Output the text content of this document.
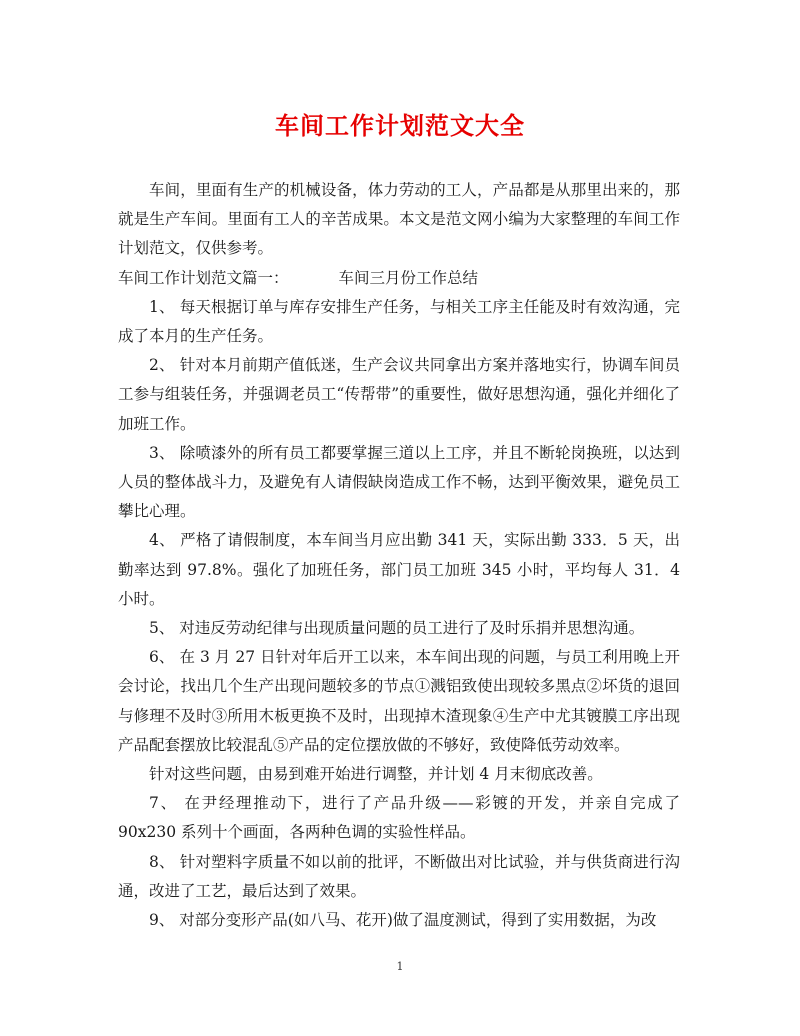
车间工作计划范文大全

车间，里面有生产的机械设备，体力劳动的工人，产品都是从那里出来的，那就是生产车间。里面有工人的辛苦成果。本文是范文网小编为大家整理的车间工作计划范文，仅供参考。

车间工作计划范文篇一：	车间三月份工作总结

1、 每天根据订单与库存安排生产任务，与相关工序主任能及时有效沟通，完成了本月的生产任务。

2、 针对本月前期产值低迷，生产会议共同拿出方案并落地实行，协调车间员工参与组装任务，并强调老员工“传帮带”的重要性，做好思想沟通，强化并细化了加班工作。

3、 除喷漆外的所有员工都要掌握三道以上工序，并且不断轮岗换班，以达到人员的整体战斗力，及避免有人请假缺岗造成工作不畅，达到平衡效果，避免员工攀比心理。

4、 严格了请假制度，本车间当月应出勤 341 天，实际出勤 333．5 天，出勤率达到 97.8%。强化了加班任务，部门员工加班 345 小时，平均每人 31．4 小时。

5、 对违反劳动纪律与出现质量问题的员工进行了及时乐捐并思想沟通。

6、 在 3 月 27 日针对年后开工以来，本车间出现的问题，与员工利用晚上开会讨论，找出几个生产出现问题较多的节点①溅铝致使出现较多黑点②坏货的退回与修理不及时③所用木板更换不及时，出现掉木渣现象④生产中尤其镀膜工序出现产品配套摆放比较混乱⑤产品的定位摆放做的不够好，致使降低劳动效率。

针对这些问题，由易到难开始进行调整，并计划 4 月末彻底改善。

7、 在尹经理推动下，进行了产品升级——彩镀的开发，并亲自完成了 90x230 系列十个画面，各两种色调的实验性样品。

8、 针对塑料字质量不如以前的批评，不断做出对比试验，并与供货商进行沟通，改进了工艺，最后达到了效果。

9、 对部分变形产品(如八马、花开)做了温度测试，得到了实用数据，为改

1
